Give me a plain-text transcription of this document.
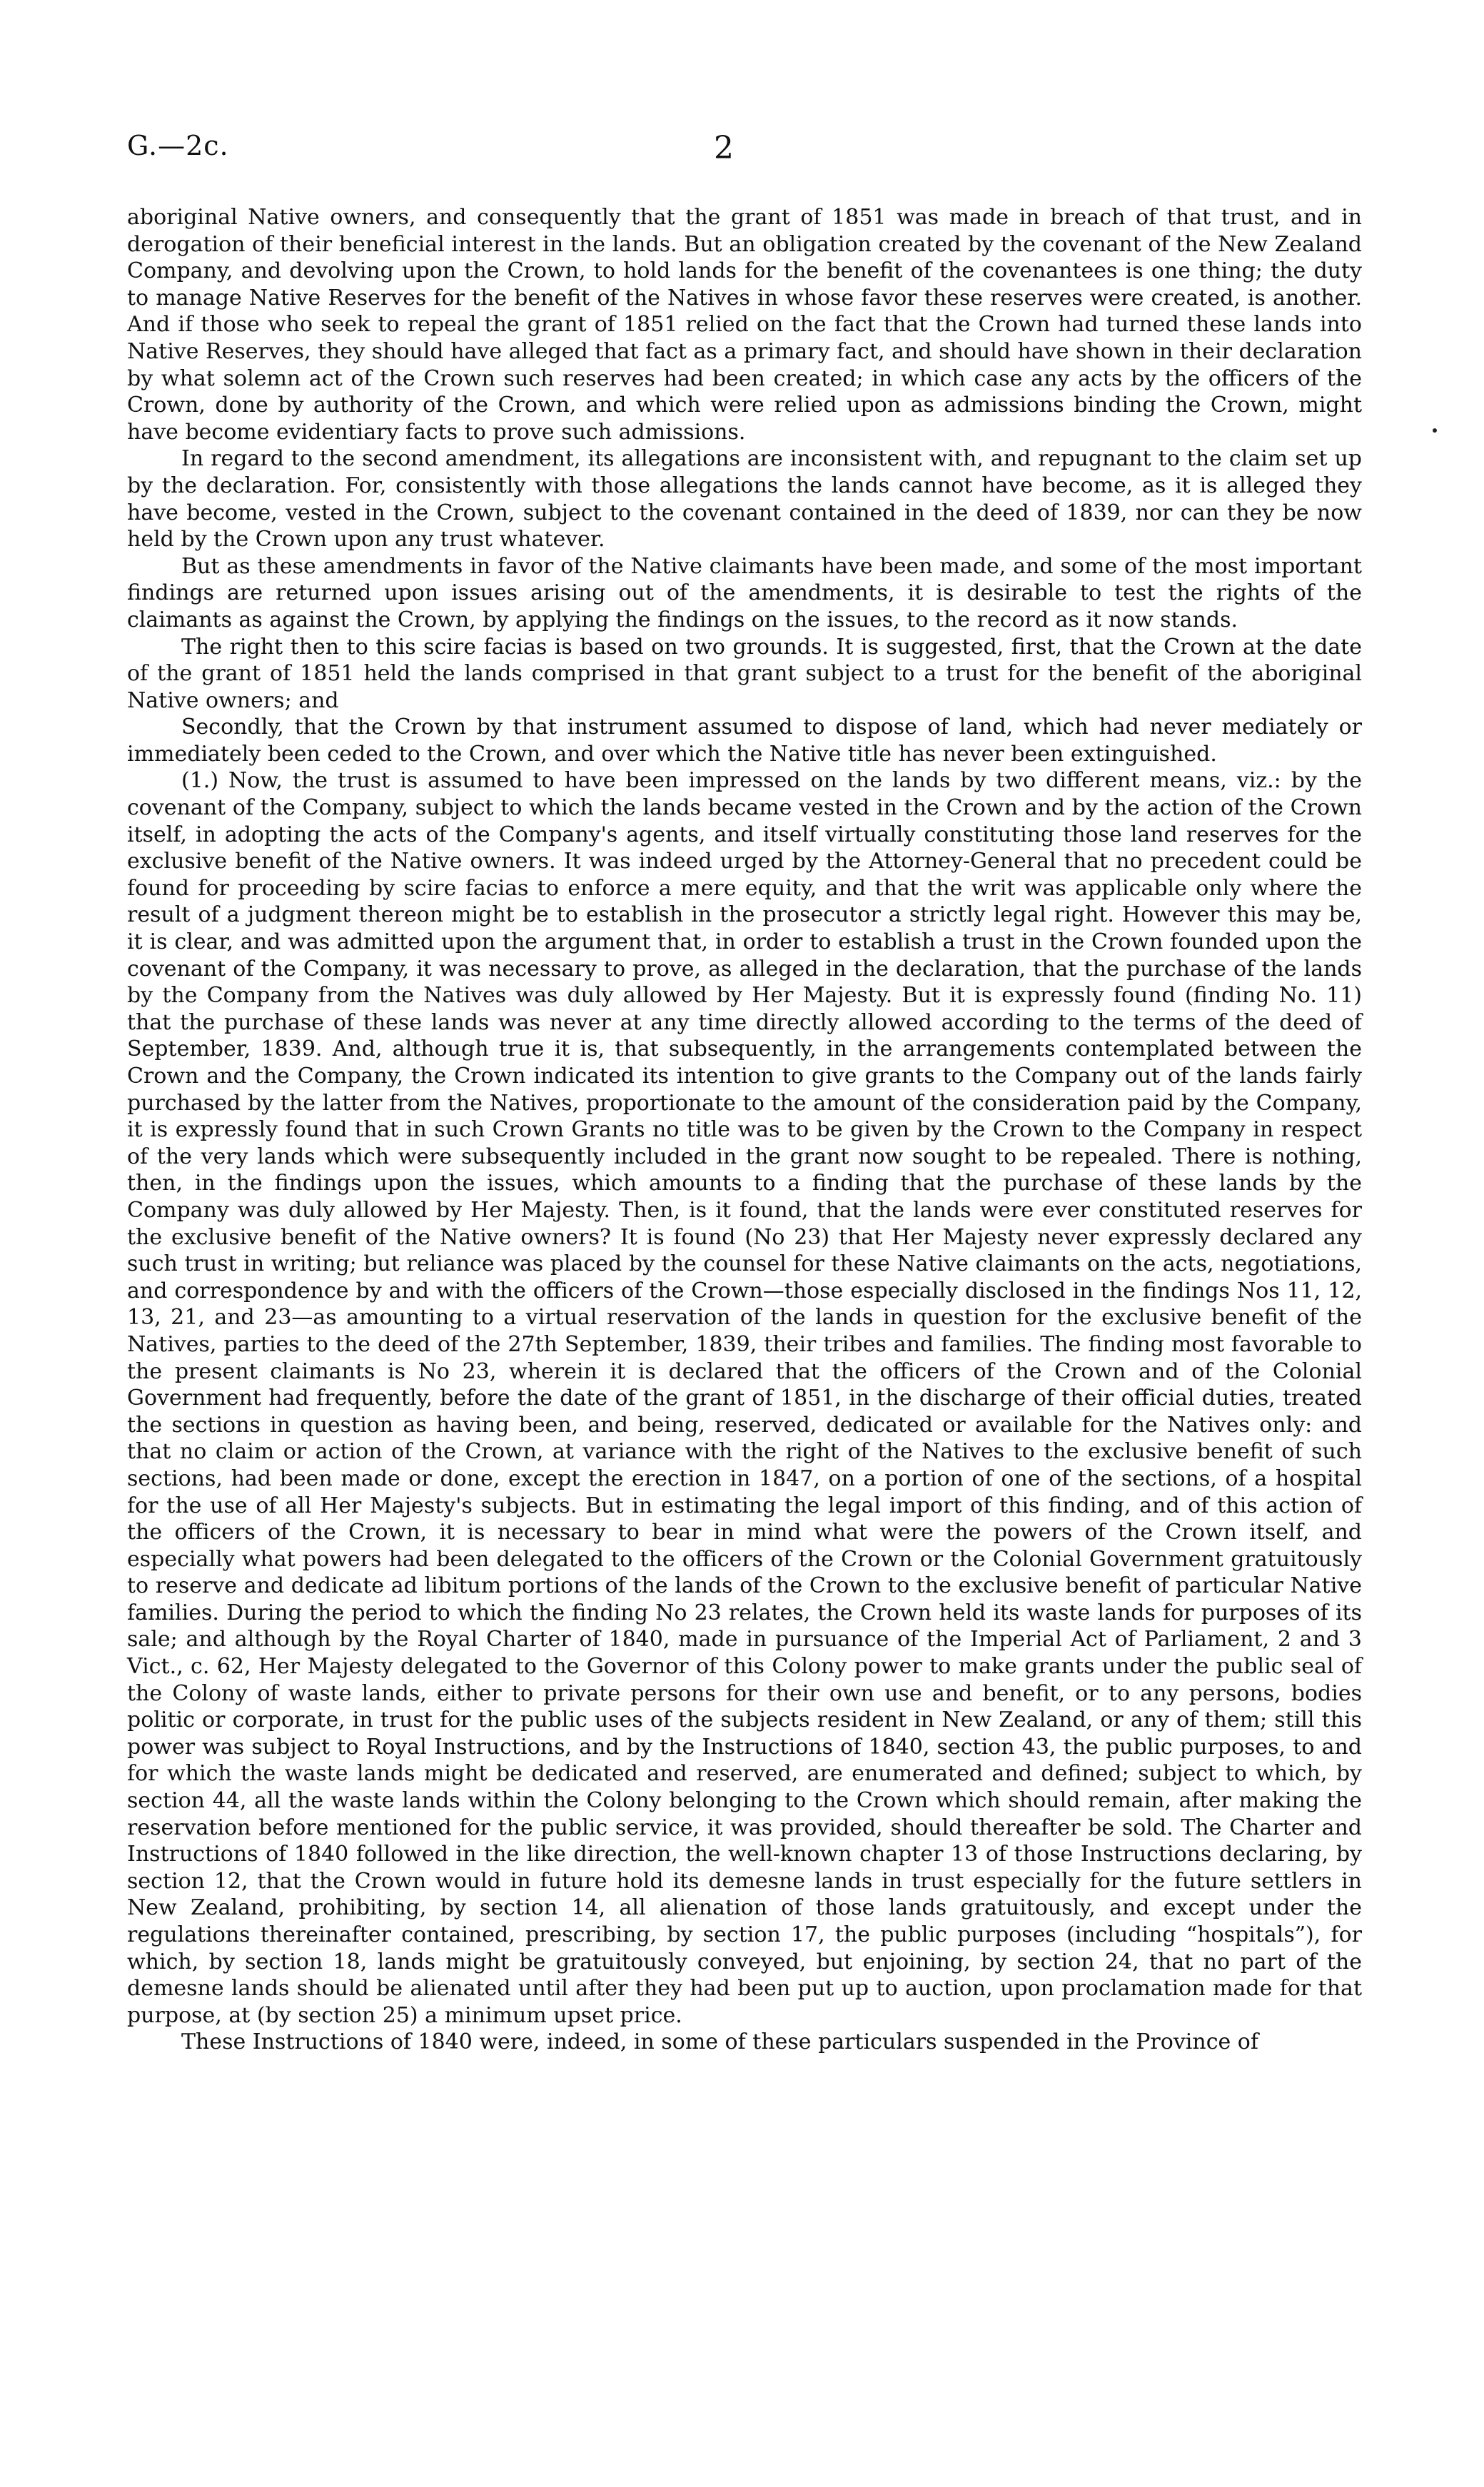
G.—2c.	2

aboriginal Native owners, and consequently that the grant of 1851 was made in breach of that trust, and in derogation of their beneficial interest in the lands. But an obligation created by the covenant of the New Zealand Company, and devolving upon the Crown, to hold lands for the benefit of the covenantees is one thing; the duty to manage Native Reserves for the benefit of the Natives in whose favor these reserves were created, is another. And if those who seek to repeal the grant of 1851 relied on the fact that the Crown had turned these lands into Native Reserves, they should have alleged that fact as a primary fact, and should have shown in their declaration by what solemn act of the Crown such reserves had been created; in which case any acts by the officers of the Crown, done by authority of the Crown, and which were relied upon as admissions binding the Crown, might have become evidentiary facts to prove such admissions.

In regard to the second amendment, its allegations are inconsistent with, and repugnant to the claim set up by the declaration. For, consistently with those allegations the lands cannot have become, as it is alleged they have become, vested in the Crown, subject to the covenant contained in the deed of 1839, nor can they be now held by the Crown upon any trust whatever.

But as these amendments in favor of the Native claimants have been made, and some of the most important findings are returned upon issues arising out of the amendments, it is desirable to test the rights of the claimants as against the Crown, by applying the findings on the issues, to the record as it now stands.

The right then to this scire facias is based on two grounds. It is suggested, first, that the Crown at the date of the grant of 1851 held the lands comprised in that grant subject to a trust for the benefit of the aboriginal Native owners; and

Secondly, that the Crown by that instrument assumed to dispose of land, which had never mediately or immediately been ceded to the Crown, and over which the Native title has never been extinguished.

(1.) Now, the trust is assumed to have been impressed on the lands by two different means, viz.: by the covenant of the Company, subject to which the lands became vested in the Crown and by the action of the Crown itself, in adopting the acts of the Company's agents, and itself virtually constituting those land reserves for the exclusive benefit of the Native owners. It was indeed urged by the Attorney-General that no precedent could be found for proceeding by scire facias to enforce a mere equity, and that the writ was applicable only where the result of a judgment thereon might be to establish in the prosecutor a strictly legal right. However this may be, it is clear, and was admitted upon the argument that, in order to establish a trust in the Crown founded upon the covenant of the Company, it was necessary to prove, as alleged in the declaration, that the purchase of the lands by the Company from the Natives was duly allowed by Her Majesty. But it is expressly found (finding No. 11) that the purchase of these lands was never at any time directly allowed according to the terms of the deed of September, 1839. And, although true it is, that subsequently, in the arrangements contemplated between the Crown and the Company, the Crown indicated its intention to give grants to the Company out of the lands fairly purchased by the latter from the Natives, proportionate to the amount of the consideration paid by the Company, it is expressly found that in such Crown Grants no title was to be given by the Crown to the Company in respect of the very lands which were subsequently included in the grant now sought to be repealed. There is nothing, then, in the findings upon the issues, which amounts to a finding that the purchase of these lands by the Company was duly allowed by Her Majesty. Then, is it found, that the lands were ever constituted reserves for the exclusive benefit of the Native owners? It is found (No 23) that Her Majesty never expressly declared any such trust in writing; but reliance was placed by the counsel for these Native claimants on the acts, negotiations, and correspondence by and with the officers of the Crown—those especially disclosed in the findings Nos 11, 12, 13, 21, and 23—as amounting to a virtual reservation of the lands in question for the exclusive benefit of the Natives, parties to the deed of the 27th September, 1839, their tribes and families. The finding most favorable to the present claimants is No 23, wherein it is declared that the officers of the Crown and of the Colonial Government had frequently, before the date of the grant of 1851, in the discharge of their official duties, treated the sections in question as having been, and being, reserved, dedicated or available for the Natives only: and that no claim or action of the Crown, at variance with the right of the Natives to the exclusive benefit of such sections, had been made or done, except the erection in 1847, on a portion of one of the sections, of a hospital for the use of all Her Majesty's subjects. But in estimating the legal import of this finding, and of this action of the officers of the Crown, it is necessary to bear in mind what were the powers of the Crown itself, and especially what powers had been delegated to the officers of the Crown or the Colonial Government gratuitously to reserve and dedicate ad libitum portions of the lands of the Crown to the exclusive benefit of particular Native families. During the period to which the finding No 23 relates, the Crown held its waste lands for purposes of its sale; and although by the Royal Charter of 1840, made in pursuance of the Imperial Act of Parliament, 2 and 3 Vict., c. 62, Her Majesty delegated to the Governor of this Colony power to make grants under the public seal of the Colony of waste lands, either to private persons for their own use and benefit, or to any persons, bodies politic or corporate, in trust for the public uses of the subjects resident in New Zealand, or any of them; still this power was subject to Royal Instructions, and by the Instructions of 1840, section 43, the public purposes, to and for which the waste lands might be dedicated and reserved, are enumerated and defined; subject to which, by section 44, all the waste lands within the Colony belonging to the Crown which should remain, after making the reservation before mentioned for the public service, it was provided, should thereafter be sold. The Charter and Instructions of 1840 followed in the like direction, the well-known chapter 13 of those Instructions declaring, by section 12, that the Crown would in future hold its demesne lands in trust especially for the future settlers in New Zealand, prohibiting, by section 14, all alienation of those lands gratuitously, and except under the regulations thereinafter contained, prescribing, by section 17, the public purposes (including “hospitals”), for which, by section 18, lands might be gratuitously conveyed, but enjoining, by section 24, that no part of the demesne lands should be alienated until after they had been put up to auction, upon proclamation made for that purpose, at (by section 25) a minimum upset price.

These Instructions of 1840 were, indeed, in some of these particulars suspended in the Province of
